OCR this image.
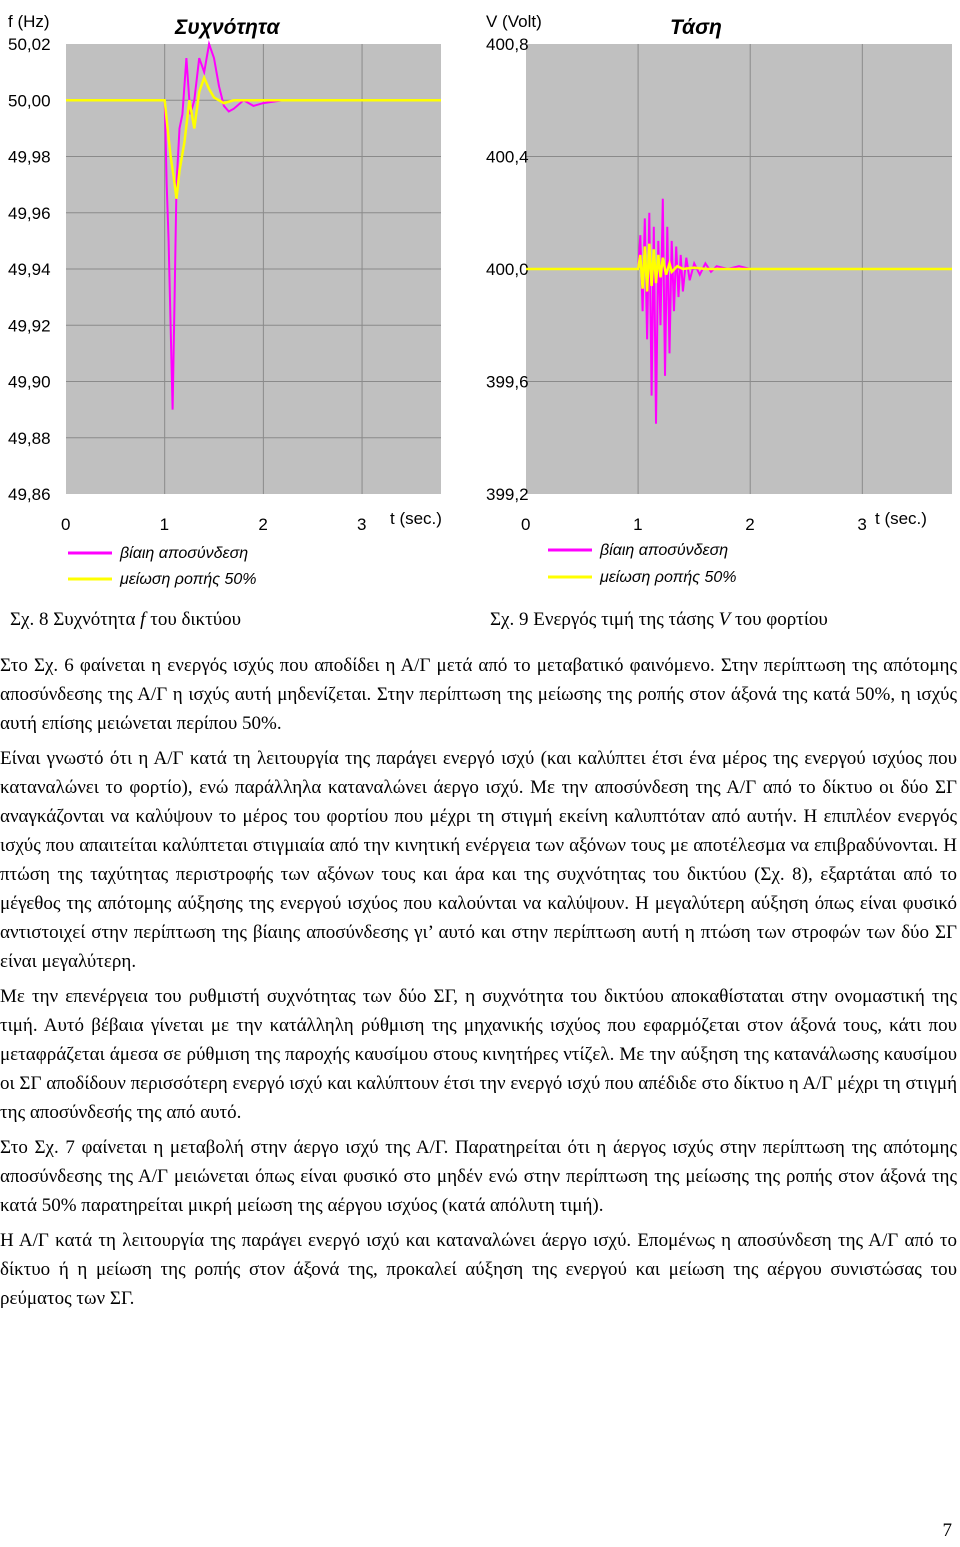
f (Hz)	Συχνότητα
t (sec.)
50,02
50,00
49,98
49,96
49,94
49,92
49,90
49,88
49,86
0	1	2	3
βίαιη αποσύνδεση
μείωση ροπής 50%
V (Volt)	Τάση
t (sec.)
400,8
400,4
400,0
399,6
399,2
0	1	2	3
βίαιη αποσύνδεση
μείωση ροπής 50%
Σχ. 8 Συχνότητα f του δικτύου	Σχ. 9 Ενεργός τιμή της τάσης V του φορτίου

Στο Σχ. 6 φαίνεται η ενεργός ισχύς που αποδίδει η Α/Γ μετά από το μεταβατικό φαινόμενο. Στην περίπτωση της απότομης αποσύνδεσης της Α/Γ η ισχύς αυτή μηδενίζεται. Στην περίπτωση της μείωσης της ροπής στον άξονά της κατά 50%, η ισχύς αυτή επίσης μειώνεται περίπου 50%.

Είναι γνωστό ότι η Α/Γ κατά τη λειτουργία της παράγει ενεργό ισχύ (και καλύπτει έτσι ένα μέρος της ενεργού ισχύος που καταναλώνει το φορτίο), ενώ παράλληλα καταναλώνει άεργο ισχύ. Με την αποσύνδεση της Α/Γ από το δίκτυο οι δύο ΣΓ αναγκάζονται να καλύψουν το μέρος του φορτίου που μέχρι τη στιγμή εκείνη καλυπτόταν από αυτήν. Η επιπλέον ενεργός ισχύς που απαιτείται καλύπτεται στιγμιαία από την κινητική ενέργεια των αξόνων τους με αποτέλεσμα να επιβραδύνονται. Η πτώση της ταχύτητας περιστροφής των αξόνων τους και άρα και της συχνότητας του δικτύου (Σχ. 8), εξαρτάται από το μέγεθος της απότομης αύξησης της ενεργού ισχύος που καλούνται να καλύψουν. Η μεγαλύτερη αύξηση όπως είναι φυσικό αντιστοιχεί στην περίπτωση της βίαιης αποσύνδεσης γι’ αυτό και στην περίπτωση αυτή η πτώση των στροφών των δύο ΣΓ είναι μεγαλύτερη.

Με την επενέργεια του ρυθμιστή συχνότητας των δύο ΣΓ, η συχνότητα του δικτύου αποκαθίσταται στην ονομαστική της τιμή. Αυτό βέβαια γίνεται με την κατάλληλη ρύθμιση της μηχανικής ισχύος που εφαρμόζεται στον άξονά τους, κάτι που μεταφράζεται άμεσα σε ρύθμιση της παροχής καυσίμου στους κινητήρες ντίζελ. Με την αύξηση της κατανάλωσης καυσίμου οι ΣΓ αποδίδουν περισσότερη ενεργό ισχύ και καλύπτουν έτσι την ενεργό ισχύ που απέδιδε στο δίκτυο η Α/Γ μέχρι τη στιγμή της αποσύνδεσής της από αυτό.

Στο Σχ. 7 φαίνεται η μεταβολή στην άεργο ισχύ της Α/Γ. Παρατηρείται ότι η άεργος ισχύς στην περίπτωση της απότομης αποσύνδεσης της Α/Γ μειώνεται όπως είναι φυσικό στο μηδέν ενώ στην περίπτωση της μείωσης της ροπής στον άξονά της κατά 50% παρατηρείται μικρή μείωση της αέργου ισχύος (κατά απόλυτη τιμή).

Η Α/Γ κατά τη λειτουργία της παράγει ενεργό ισχύ και καταναλώνει άεργο ισχύ. Επομένως η αποσύνδεση της Α/Γ από το δίκτυο ή η μείωση της ροπής στον άξονά της, προκαλεί αύξηση της ενεργού και μείωση της αέργου συνιστώσας του ρεύματος των ΣΓ.

7
